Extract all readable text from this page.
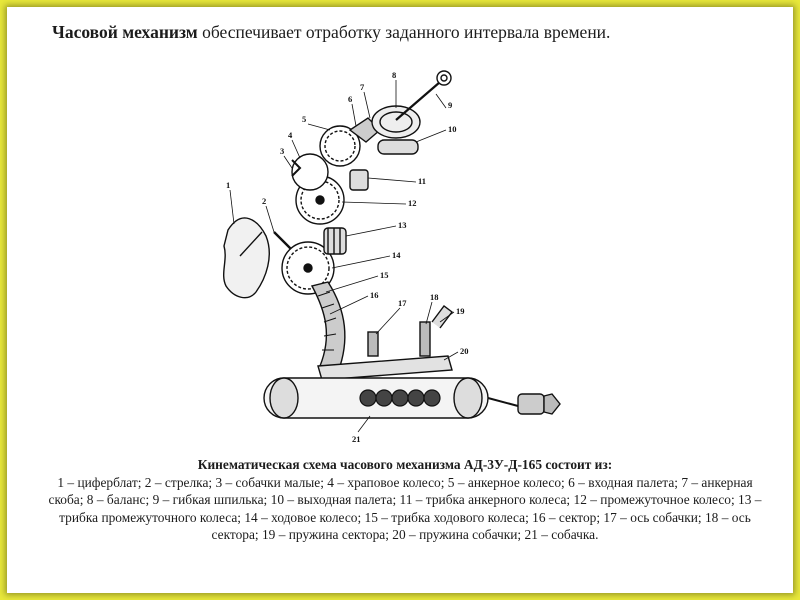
Часовой механизм обеспечивает отработку заданного интервала времени.
1
2
3
4
5
6
7
8
9
10
11
12
13
14
15
16
17
18
19
20
21
Кинематическая схема часового механизма АД-3У-Д-165 состоит из:
1 – циферблат; 2 – стрелка; 3 – собачки малые; 4 – храповое колесо; 5 – анкерное колесо; 6 – входная палета; 7 – анкерная скоба; 8 – баланс; 9 – гибкая шпилька; 10 – выходная палета; 11 – трибка анкерного колеса; 12 – промежуточное колесо; 13 – трибка промежуточного колеса; 14 – ходовое колесо; 15 – трибка ходового колеса; 16 – сектор; 17 – ось собачки; 18 – ось сектора; 19 – пружина сектора; 20 – пружина собачки; 21 – собачка.
